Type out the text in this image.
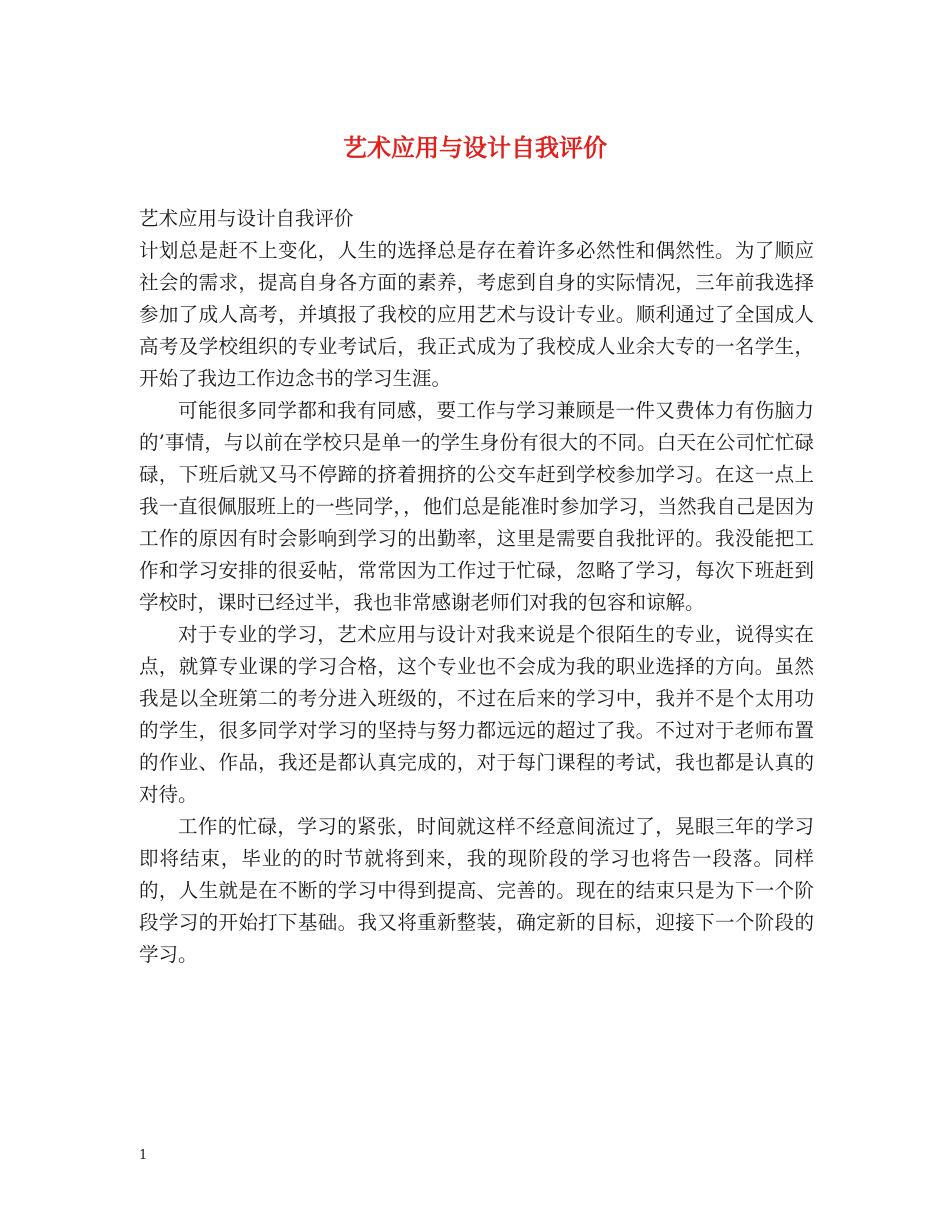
艺术应用与设计自我评价

艺术应用与设计自我评价

计划总是赶不上变化，人生的选择总是存在着许多必然性和偶然性。为了顺应社会的需求，提高自身各方面的素养，考虑到自身的实际情况，三年前我选择参加了成人高考，并填报了我校的应用艺术与设计专业。顺利通过了全国成人高考及学校组织的专业考试后，我正式成为了我校成人业余大专的一名学生，开始了我边工作边念书的学习生涯。

可能很多同学都和我有同感，要工作与学习兼顾是一件又费体力有伤脑力的’事情，与以前在学校只是单一的学生身份有很大的不同。白天在公司忙忙碌碌，下班后就又马不停蹄的挤着拥挤的公交车赶到学校参加学习。在这一点上我一直很佩服班上的一些同学，，他们总是能准时参加学习，当然我自己是因为工作的原因有时会影响到学习的出勤率，这里是需要自我批评的。我没能把工作和学习安排的很妥帖，常常因为工作过于忙碌，忽略了学习，每次下班赶到学校时，课时已经过半，我也非常感谢老师们对我的包容和谅解。

对于专业的学习，艺术应用与设计对我来说是个很陌生的专业，说得实在点，就算专业课的学习合格，这个专业也不会成为我的职业选择的方向。虽然我是以全班第二的考分进入班级的，不过在后来的学习中，我并不是个太用功的学生，很多同学对学习的坚持与努力都远远的超过了我。不过对于老师布置的作业、作品，我还是都认真完成的，对于每门课程的考试，我也都是认真的对待。

工作的忙碌，学习的紧张，时间就这样不经意间流过了，晃眼三年的学习即将结束，毕业的的时节就将到来，我的现阶段的学习也将告一段落。同样的，人生就是在不断的学习中得到提高、完善的。现在的结束只是为下一个阶段学习的开始打下基础。我又将重新整装，确定新的目标，迎接下一个阶段的学习。

1
